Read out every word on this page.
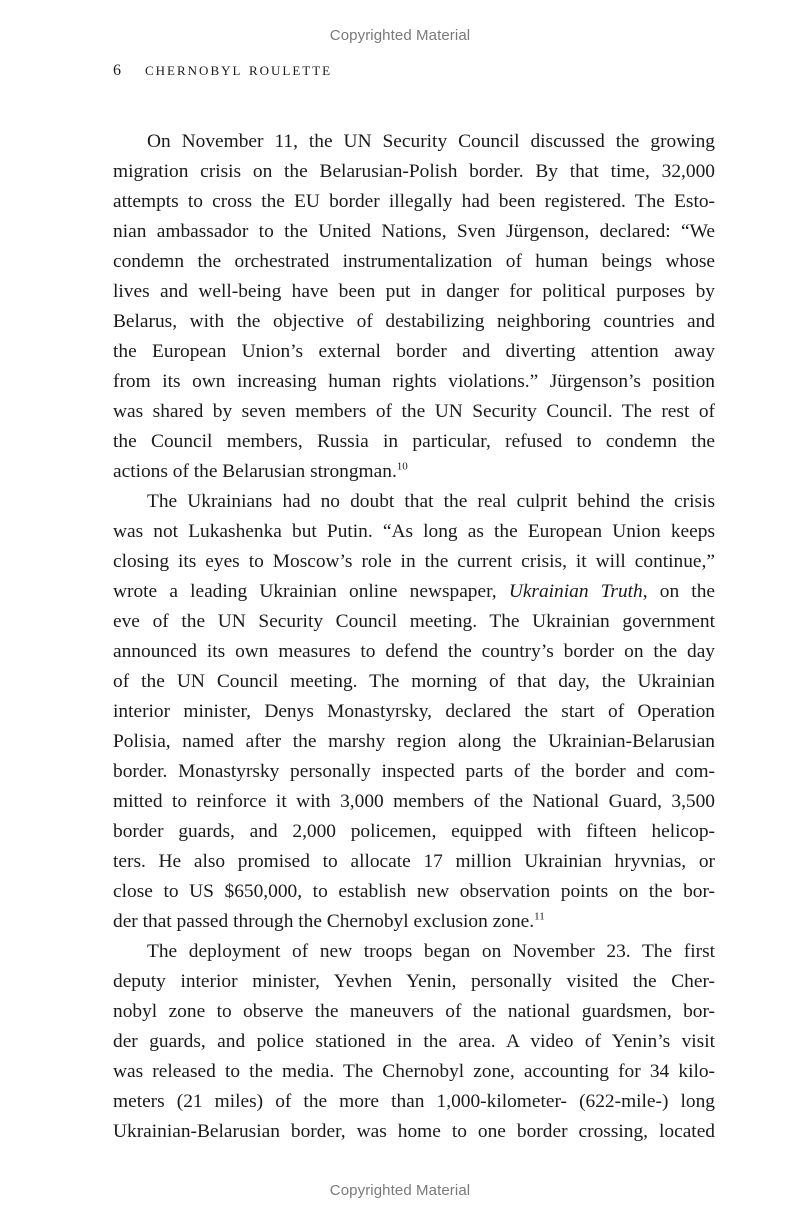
Copyrighted Material
6 chernobyl roulette
On November 11, the UN Security Council discussed the growing
migration crisis on the Belarusian-Polish border. By that time, 32,000
attempts to cross the EU border illegally had been registered. The Esto-
nian ambassador to the United Nations, Sven Jürgenson, declared: “We
condemn the orchestrated instrumentalization of human beings whose
lives and well-being have been put in danger for political purposes by
Belarus, with the objective of destabilizing neighboring countries and
the European Union’s external border and diverting attention away
from its own increasing human rights violations.” Jürgenson’s position
was shared by seven members of the UN Security Council. The rest of
the Council members, Russia in particular, refused to condemn the
actions of the Belarusian strongman.$^{10}$
The Ukrainians had no doubt that the real culprit behind the crisis
was not Lukashenka but Putin. “As long as the European Union keeps
closing its eyes to Moscow’s role in the current crisis, it will continue,”
wrote a leading Ukrainian online newspaper, Ukrainian Truth, on the
eve of the UN Security Council meeting. The Ukrainian government
announced its own measures to defend the country’s border on the day
of the UN Council meeting. The morning of that day, the Ukrainian
interior minister, Denys Monastyrsky, declared the start of Operation
Polisia, named after the marshy region along the Ukrainian-Belarusian
border. Monastyrsky personally inspected parts of the border and com-
mitted to reinforce it with 3,000 members of the National Guard, 3,500
border guards, and 2,000 policemen, equipped with fifteen helicop-
ters. He also promised to allocate 17 million Ukrainian hryvnias, or
close to US $650,000, to establish new observation points on the bor-
der that passed through the Chernobyl exclusion zone.$^{11}$
The deployment of new troops began on November 23. The first
deputy interior minister, Yevhen Yenin, personally visited the Cher-
nobyl zone to observe the maneuvers of the national guardsmen, bor-
der guards, and police stationed in the area. A video of Yenin’s visit
was released to the media. The Chernobyl zone, accounting for 34 kilo-
meters (21 miles) of the more than 1,000-kilometer- (622-mile-) long
Ukrainian-Belarusian border, was home to one border crossing, located
Copyrighted Material
